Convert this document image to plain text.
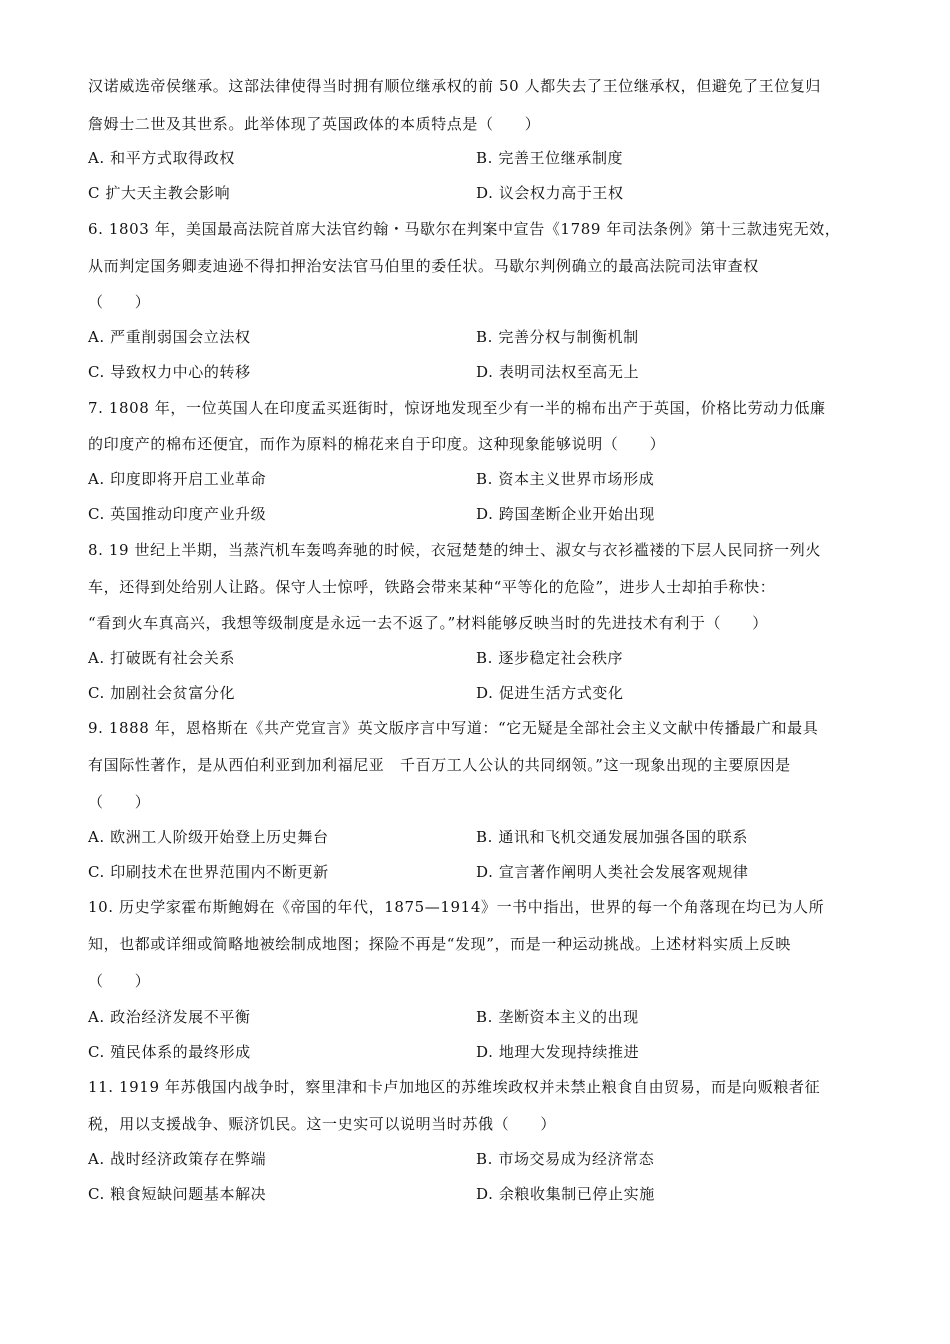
汉诺威选帝侯继承。这部法律使得当时拥有顺位继承权的前 50 人都失去了王位继承权，但避免了王位复归
詹姆士二世及其世系。此举体现了英国政体的本质特点是（　　）
A. 和平方式取得政权	B. 完善王位继承制度
C 扩大天主教会影响	D. 议会权力高于王权
6. 1803 年，美国最高法院首席大法官约翰・马歇尔在判案中宣告《1789 年司法条例》第十三款违宪无效，
从而判定国务卿麦迪逊不得扣押治安法官马伯里的委任状。马歇尔判例确立的最高法院司法审查权
（　　）
A. 严重削弱国会立法权	B. 完善分权与制衡机制
C. 导致权力中心的转移	D. 表明司法权至高无上
7. 1808 年，一位英国人在印度孟买逛街时，惊讶地发现至少有一半的棉布出产于英国，价格比劳动力低廉
的印度产的棉布还便宜，而作为原料的棉花来自于印度。这种现象能够说明（　　）
A. 印度即将开启工业革命	B. 资本主义世界市场形成
C. 英国推动印度产业升级	D. 跨国垄断企业开始出现
8. 19 世纪上半期，当蒸汽机车轰鸣奔驰的时候，衣冠楚楚的绅士、淑女与衣衫褴褛的下层人民同挤一列火
车，还得到处给别人让路。保守人士惊呼，铁路会带来某种“平等化的危险”，进步人士却拍手称快：
“看到火车真高兴，我想等级制度是永远一去不返了。”材料能够反映当时的先进技术有利于（　　）
A. 打破既有社会关系	B. 逐步稳定社会秩序
C. 加剧社会贫富分化	D. 促进生活方式变化
9. 1888 年，恩格斯在《共产党宣言》英文版序言中写道：“它无疑是全部社会主义文献中传播最广和最具
有国际性著作，是从西伯利亚到加利福尼亚　千百万工人公认的共同纲领。”这一现象出现的主要原因是
（　　）
A. 欧洲工人阶级开始登上历史舞台	B. 通讯和飞机交通发展加强各国的联系
C. 印刷技术在世界范围内不断更新	D. 宣言著作阐明人类社会发展客观规律
10. 历史学家霍布斯鲍姆在《帝国的年代，1875—1914》一书中指出，世界的每一个角落现在均已为人所
知，也都或详细或简略地被绘制成地图；探险不再是“发现”，而是一种运动挑战。上述材料实质上反映
（　　）
A. 政治经济发展不平衡	B. 垄断资本主义的出现
C. 殖民体系的最终形成	D. 地理大发现持续推进
11. 1919 年苏俄国内战争时，察里津和卡卢加地区的苏维埃政权并未禁止粮食自由贸易，而是向贩粮者征
税，用以支援战争、赈济饥民。这一史实可以说明当时苏俄（　　）
A. 战时经济政策存在弊端	B. 市场交易成为经济常态
C. 粮食短缺问题基本解决	D. 余粮收集制已停止实施
